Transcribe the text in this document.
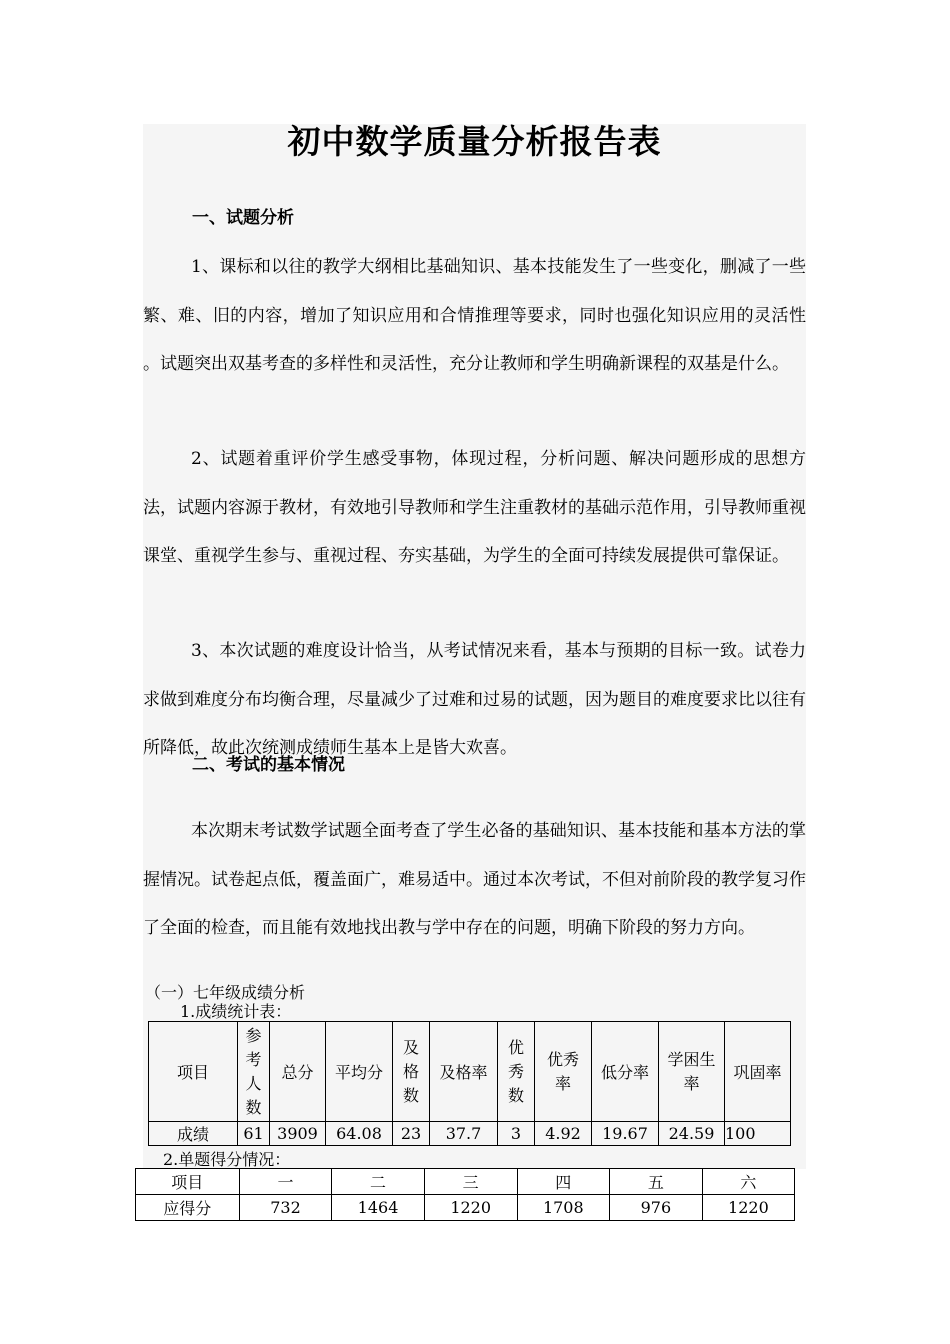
初中数学质量分析报告表
一、试题分析

1、课标和以往的教学大纲相比基础知识、基本技能发生了一些变化，删减了一些繁、难、旧的内容，增加了知识应用和合情推理等要求，同时也强化知识应用的灵活性 。试题突出双基考查的多样性和灵活性，充分让教师和学生明确新课程的双基是什么。

2、试题着重评价学生感受事物，体现过程，分析问题、解决问题形成的思想方法，试题内容源于教材，有效地引导教师和学生注重教材的基础示范作用，引导教师重视课堂、重视学生参与、重视过程、夯实基础，为学生的全面可持续发展提供可靠保证。

3、本次试题的难度设计恰当，从考试情况来看，基本与预期的目标一致。试卷力求做到难度分布均衡合理，尽量减少了过难和过易的试题，因为题目的难度要求比以往有所降低，故此次统测成绩师生基本上是皆大欢喜。

二、考试的基本情况

本次期末考试数学试题全面考查了学生必备的基础知识、基本技能和基本方法的掌握情况。试卷起点低，覆盖面广，难易适中。通过本次考试，不但对前阶段的教学复习作了全面的检查，而且能有效地找出教与学中存在的问题，明确下阶段的努力方向。

（一）七年级成绩分析
1.成绩统计表：
项目	参考人数	总分	平均分	及格数	及格率	优秀数	优秀率	低分率	学困生率	巩固率
成绩	61	3909	64.08	23	37.7	3	4.92	19.67	24.59	100
2.单题得分情况：
项目	一	二	三	四	五	六
应得分	732	1464	1220	1708	976	1220
